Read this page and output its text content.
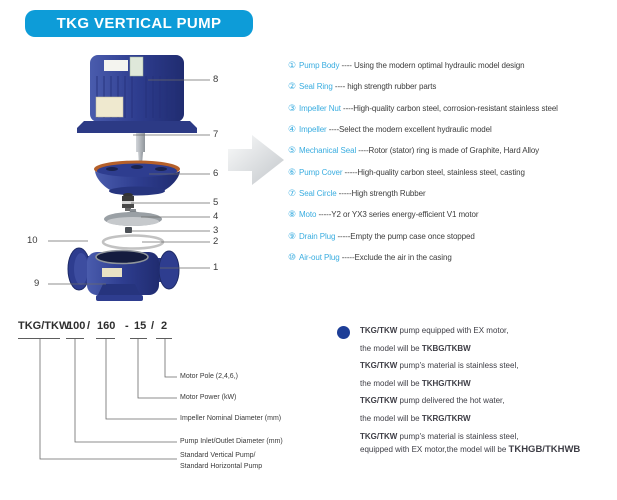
TKG VERTICAL PUMP
8
7
6
5
4
3
2
1
10
9
① Pump Body ---- Using the modern optimal hydraulic model design
② Seal Ring ---- high strength rubber parts
③ Impeller Nut ----High-quality carbon steel, corrosion-resistant stainless steel
④ Impeller ----Select the modern excellent hydraulic model
⑤ Mechanical Seal ----Rotor (stator) ring is made of Graphite, Hard Alloy
⑥ Pump Cover -----High-quality carbon steel, stainless steel, casting
⑦ Seal Circle -----High strength Rubber
⑧ Moto -----Y2 or YX3 series energy-efficient V1 motor
⑨ Drain Plug -----Empty the pump case once stopped
⑩ Air-out Plug -----Exclude the air in the casing
TKG/TKW
100 / 160 - 15 / 2
Motor Pole (2,4,6,)
Motor Power (kW)
Impeller Nominal Diameter (mm)
Pump Inlet/Outlet Diameter (mm)
Standard Vertical Pump/
Standard Horizontal Pump
TKG/TKW pump equipped with EX motor,
the model will be TKBG/TKBW
TKG/TKW pump's material is stainless steel,
the model will be TKHG/TKHW
TKG/TKW pump delivered the hot water,
the model will be TKRG/TKRW
TKG/TKW pump's material is stainless steel,
equipped with EX motor,the model will be TKHGB/TKHWB
